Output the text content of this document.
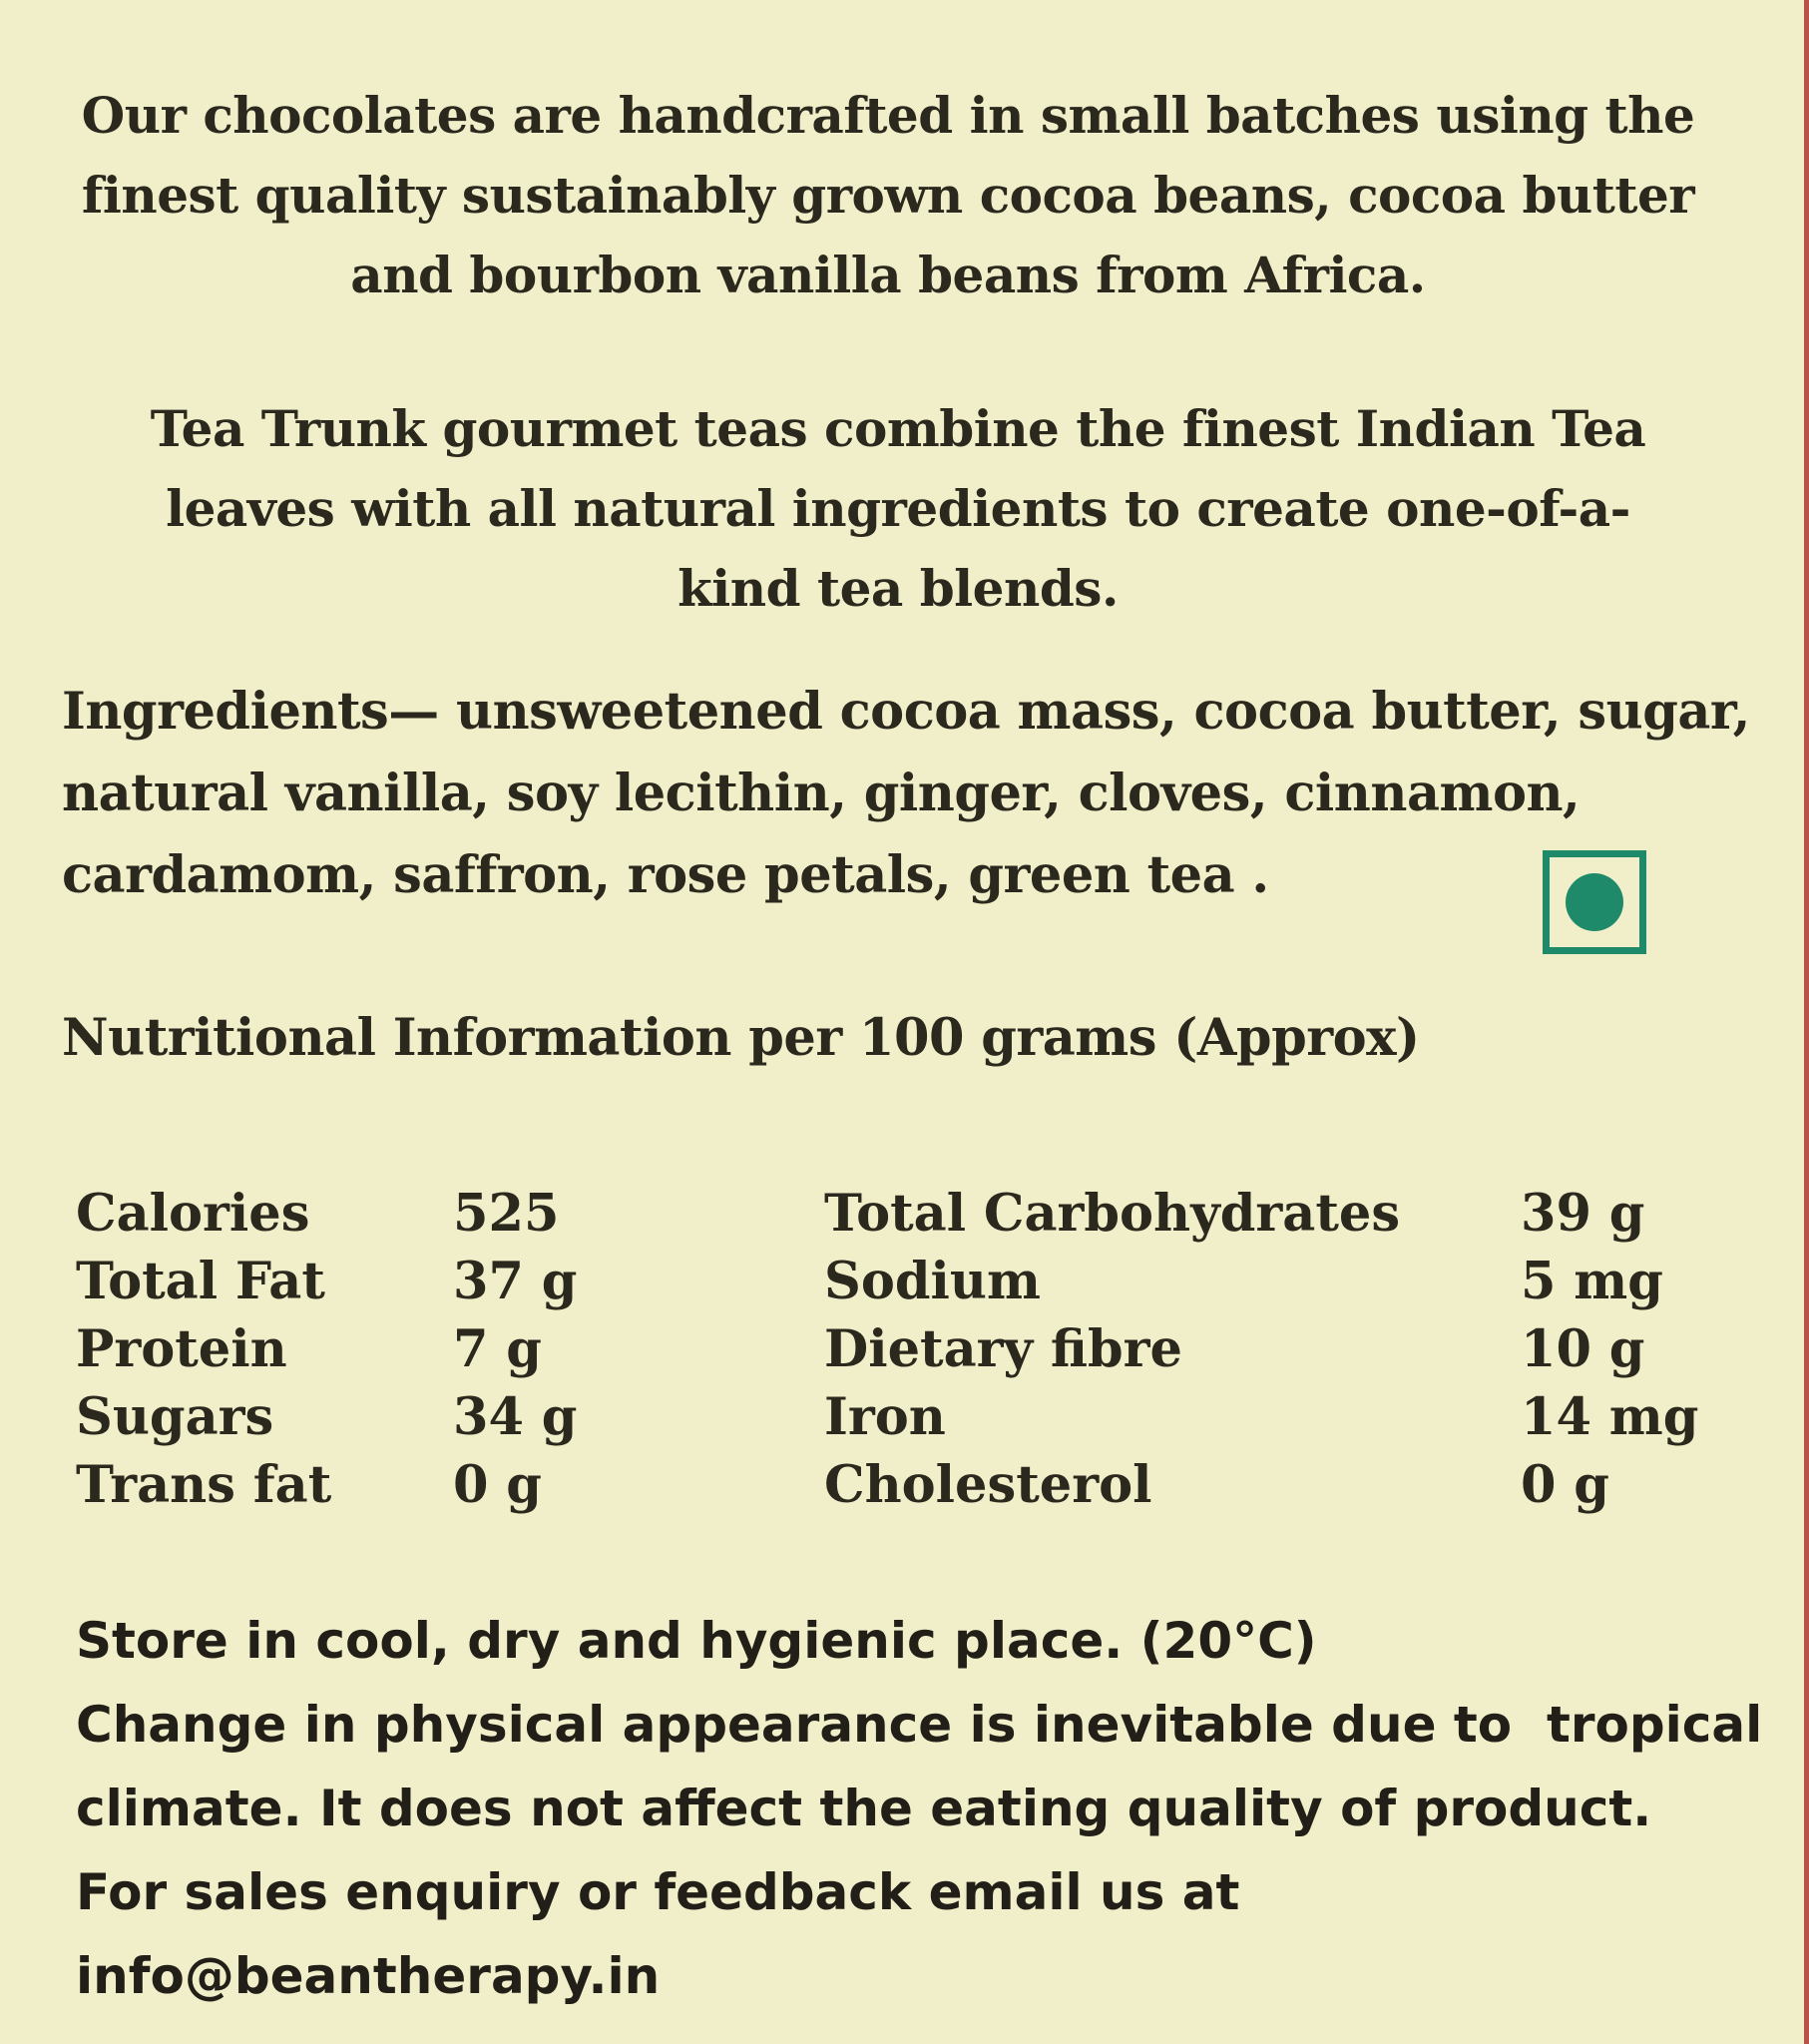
Our chocolates are handcrafted in small batches using the finest quality sustainably grown cocoa beans, cocoa butter and bourbon vanilla beans from Africa.

Tea Trunk gourmet teas combine the finest Indian Tea leaves with all natural ingredients to create one-of-a-kind tea blends.

Ingredients— unsweetened cocoa mass, cocoa butter, sugar, natural vanilla, soy lecithin, ginger, cloves, cinnamon, cardamom, saffron, rose petals, green tea .

Nutritional Information per 100 grams (Approx)

Calories	525	Total Carbohydrates 39 g
Total Fat	37 g	Sodium	5 mg
Protein	7 g	Dietary fibre	10 g
Sugars	34 g	Iron	14 mg
Trans fat 0 g	Cholesterol	0 g
Store in cool, dry and hygienic place. (20°C)
Change in physical appearance is inevitable due to  tropical
climate. It does not affect the eating quality of product.
For sales enquiry or feedback email us at
info@beantherapy.in
